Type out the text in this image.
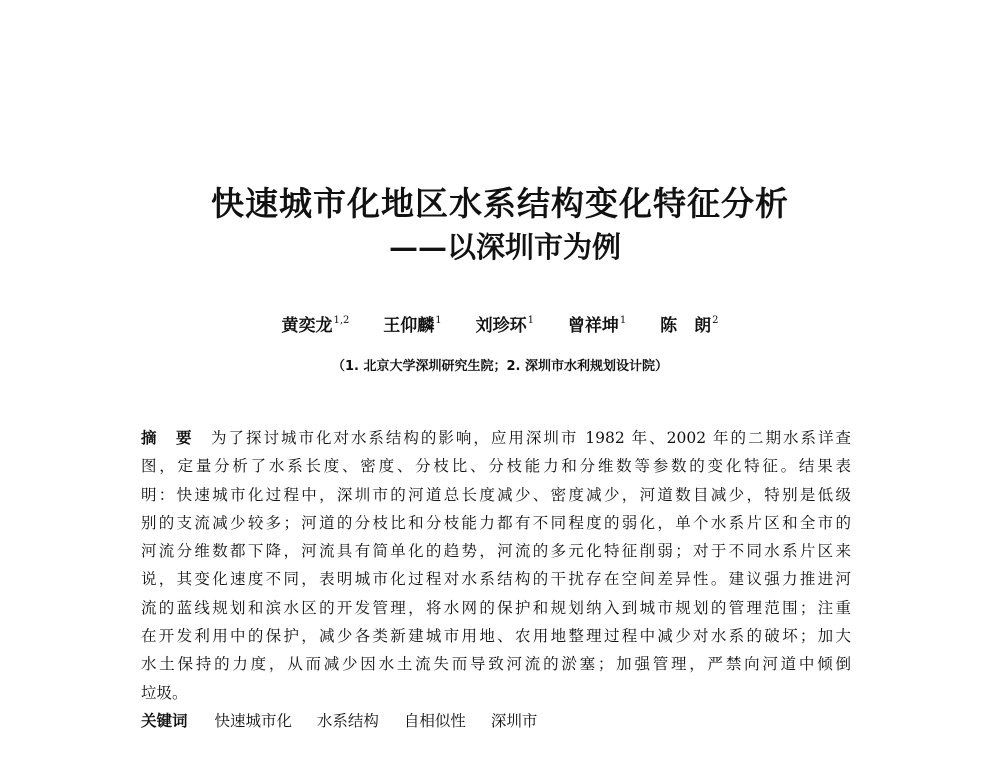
快速城市化地区水系结构变化特征分析
——以深圳市为例
黄奕龙$^{1,2}$ 王仰麟$^1$ 刘珍环$^1$ 曾祥坤$^1$ 陈　朗$^2$
（1. 北京大学深圳研究生院；2. 深圳市水利规划设计院）
摘　要　 为了探讨城市化对水系结构的影响，应用深圳市 1982 年、2002 年的二期水系详查
图，定量分析了水系长度、密度、分枝比、分枝能力和分维数等参数的变化特征。结果表
明：快速城市化过程中，深圳市的河道总长度减少、密度减少，河道数目减少，特别是低级
别的支流减少较多；河道的分枝比和分枝能力都有不同程度的弱化，单个水系片区和全市的
河流分维数都下降，河流具有简单化的趋势，河流的多元化特征削弱；对于不同水系片区来
说，其变化速度不同，表明城市化过程对水系结构的干扰存在空间差异性。建议强力推进河
流的蓝线规划和滨水区的开发管理，将水网的保护和规划纳入到城市规划的管理范围；注重
在开发利用中的保护，减少各类新建城市用地、农用地整理过程中减少对水系的破坏；加大
水土保持的力度，从而减少因水土流失而导致河流的淤塞；加强管理，严禁向河道中倾倒
垃圾。
关键词 快速城市化 水系结构 自相似性 深圳市
